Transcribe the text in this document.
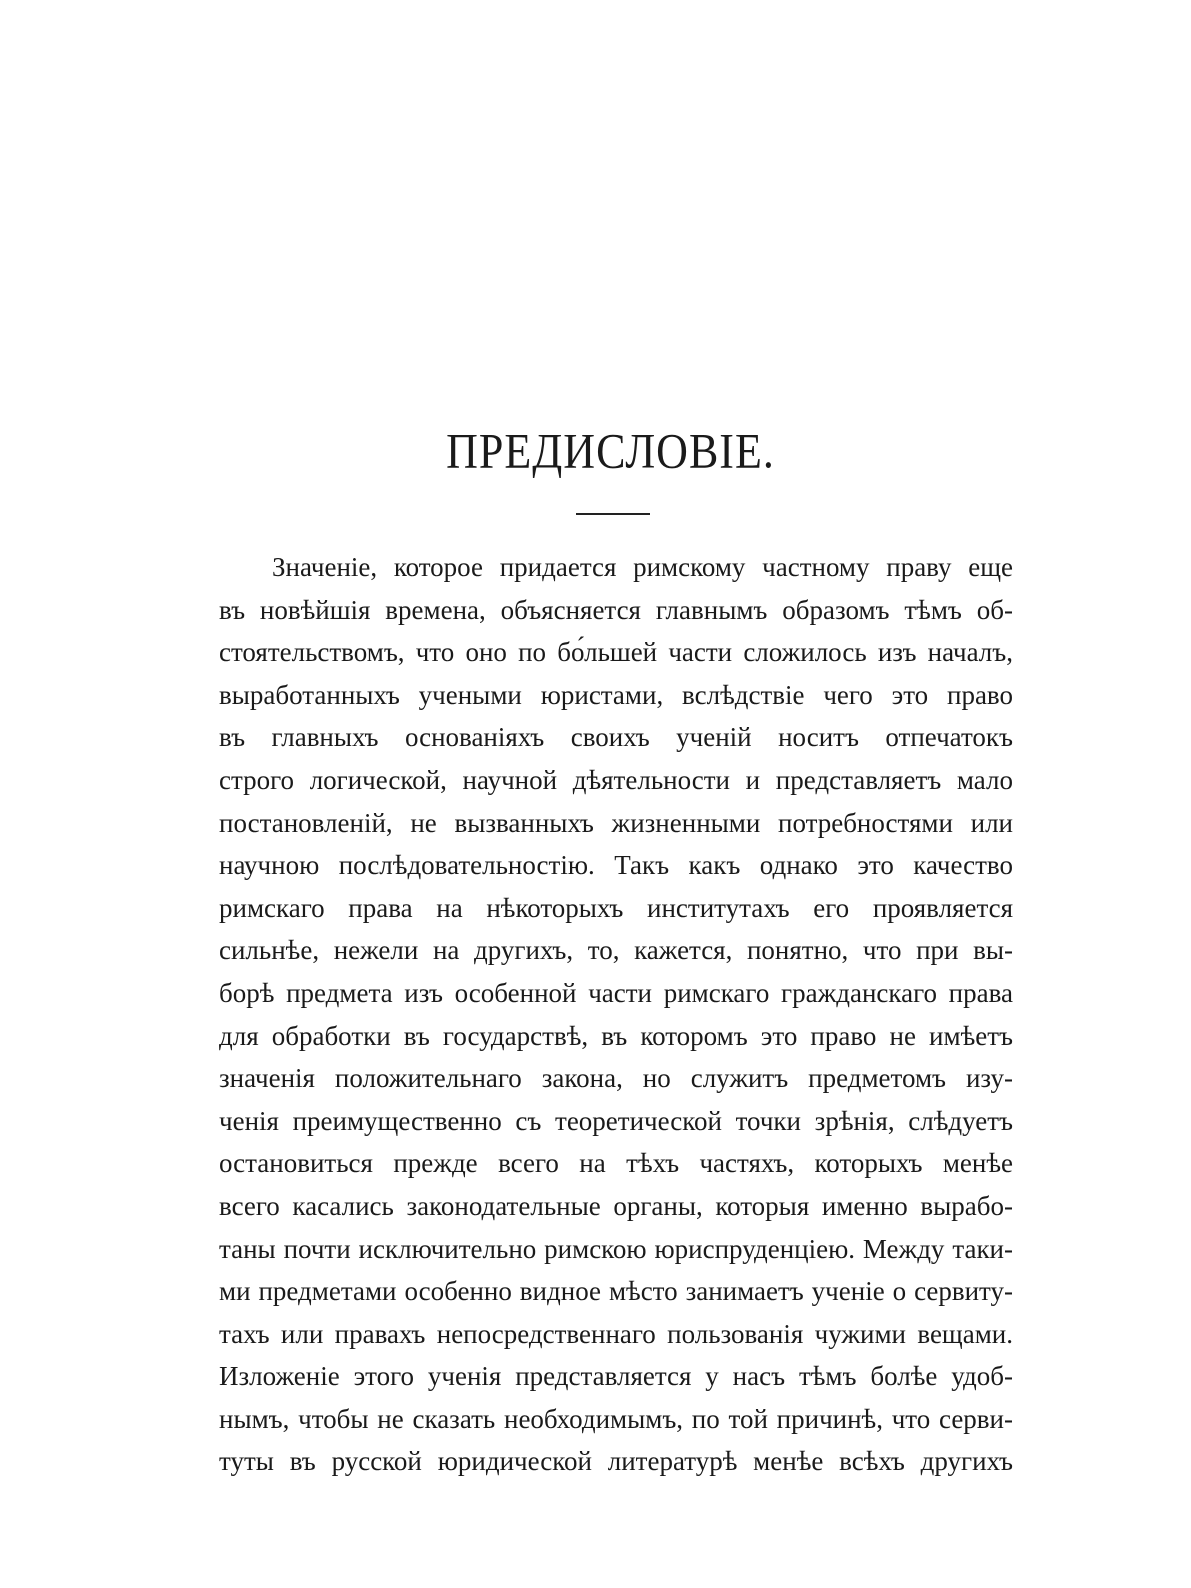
ПРЕДИСЛОВІЕ.
Значеніе, которое придается римскому частному праву еще
въ новѣйшія времена, объясняется главнымъ образомъ тѣмъ об-
стоятельствомъ, что оно по бо́льшей части сложилось изъ началъ,
выработанныхъ учеными юристами, вслѣдствіе чего это право
въ главныхъ основаніяхъ своихъ ученій носитъ отпечатокъ
строго логической, научной дѣятельности и представляетъ мало
постановленій, не вызванныхъ жизненными потребностями или
научною послѣдовательностію. Такъ какъ однако это качество
римскаго права на нѣкоторыхъ институтахъ его проявляется
сильнѣе, нежели на другихъ, то, кажется, понятно, что при вы-
борѣ предмета изъ особенной части римскаго гражданскаго права
для обработки въ государствѣ, въ которомъ это право не имѣетъ
значенія положительнаго закона, но служитъ предметомъ изу-
ченія преимущественно съ теоретической точки зрѣнія, слѣдуетъ
остановиться прежде всего на тѣхъ частяхъ, которыхъ менѣе
всего касались законодательные органы, которыя именно вырабо-
таны почти исключительно римскою юриспруденціею. Между таки-
ми предметами особенно видное мѣсто занимаетъ ученіе о сервиту-
тахъ или правахъ непосредственнаго пользованія чужими вещами.
Изложеніе этого ученія представляется у насъ тѣмъ болѣе удоб-
нымъ, чтобы не сказать необходимымъ, по той причинѣ, что серви-
туты въ русской юридической литературѣ менѣе всѣхъ другихъ
